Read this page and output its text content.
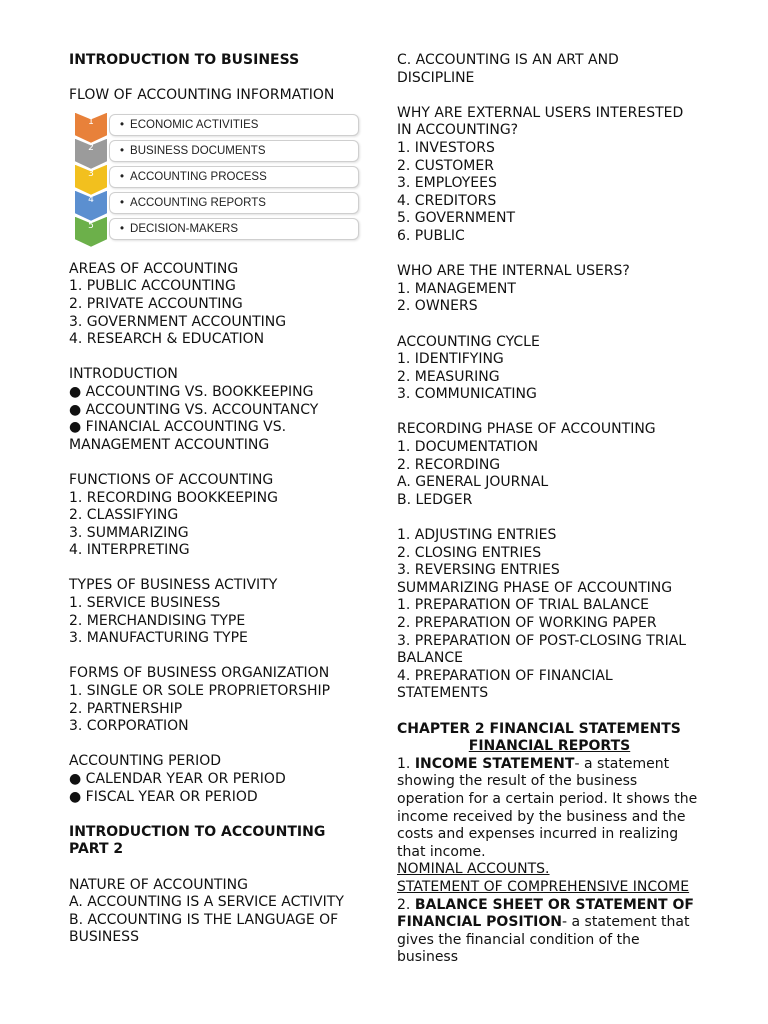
INTRODUCTION TO BUSINESS

FLOW OF ACCOUNTING INFORMATION

1	• ECONOMIC ACTIVITIES
2	• BUSINESS DOCUMENTS
3	• ACCOUNTING PROCESS
4	• ACCOUNTING REPORTS
5	• DECISION-MAKERS

AREAS OF ACCOUNTING

1. PUBLIC ACCOUNTING

2. PRIVATE ACCOUNTING

3. GOVERNMENT ACCOUNTING

4. RESEARCH & EDUCATION

INTRODUCTION

● ACCOUNTING VS. BOOKKEEPING

● ACCOUNTING VS. ACCOUNTANCY

● FINANCIAL ACCOUNTING VS.

MANAGEMENT ACCOUNTING

FUNCTIONS OF ACCOUNTING

1. RECORDING BOOKKEEPING

2. CLASSIFYING

3. SUMMARIZING

4. INTERPRETING

TYPES OF BUSINESS ACTIVITY

1. SERVICE BUSINESS

2. MERCHANDISING TYPE

3. MANUFACTURING TYPE

FORMS OF BUSINESS ORGANIZATION

1. SINGLE OR SOLE PROPRIETORSHIP

2. PARTNERSHIP

3. CORPORATION

ACCOUNTING PERIOD

● CALENDAR YEAR OR PERIOD

● FISCAL YEAR OR PERIOD

INTRODUCTION TO ACCOUNTING

PART 2

NATURE OF ACCOUNTING

A. ACCOUNTING IS A SERVICE ACTIVITY

B. ACCOUNTING IS THE LANGUAGE OF

BUSINESS

C. ACCOUNTING IS AN ART AND

DISCIPLINE

WHY ARE EXTERNAL USERS INTERESTED

IN ACCOUNTING?

1. INVESTORS

2. CUSTOMER

3. EMPLOYEES

4. CREDITORS

5. GOVERNMENT

6. PUBLIC

WHO ARE THE INTERNAL USERS?

1. MANAGEMENT

2. OWNERS

ACCOUNTING CYCLE

1. IDENTIFYING

2. MEASURING

3. COMMUNICATING

RECORDING PHASE OF ACCOUNTING

1. DOCUMENTATION

2. RECORDING

A. GENERAL JOURNAL

B. LEDGER

1. ADJUSTING ENTRIES

2. CLOSING ENTRIES

3. REVERSING ENTRIES

SUMMARIZING PHASE OF ACCOUNTING

1. PREPARATION OF TRIAL BALANCE

2. PREPARATION OF WORKING PAPER

3. PREPARATION OF POST-CLOSING TRIAL

BALANCE

4. PREPARATION OF FINANCIAL

STATEMENTS

CHAPTER 2 FINANCIAL STATEMENTS

FINANCIAL REPORTS

1. INCOME STATEMENT- a statement showing the result of the business operation for a certain period. It shows the income received by the business and the costs and expenses incurred in realizing that income.

NOMINAL ACCOUNTS.

STATEMENT OF COMPREHENSIVE INCOME

2. BALANCE SHEET OR STATEMENT OF FINANCIAL POSITION- a statement that gives the financial condition of the business
